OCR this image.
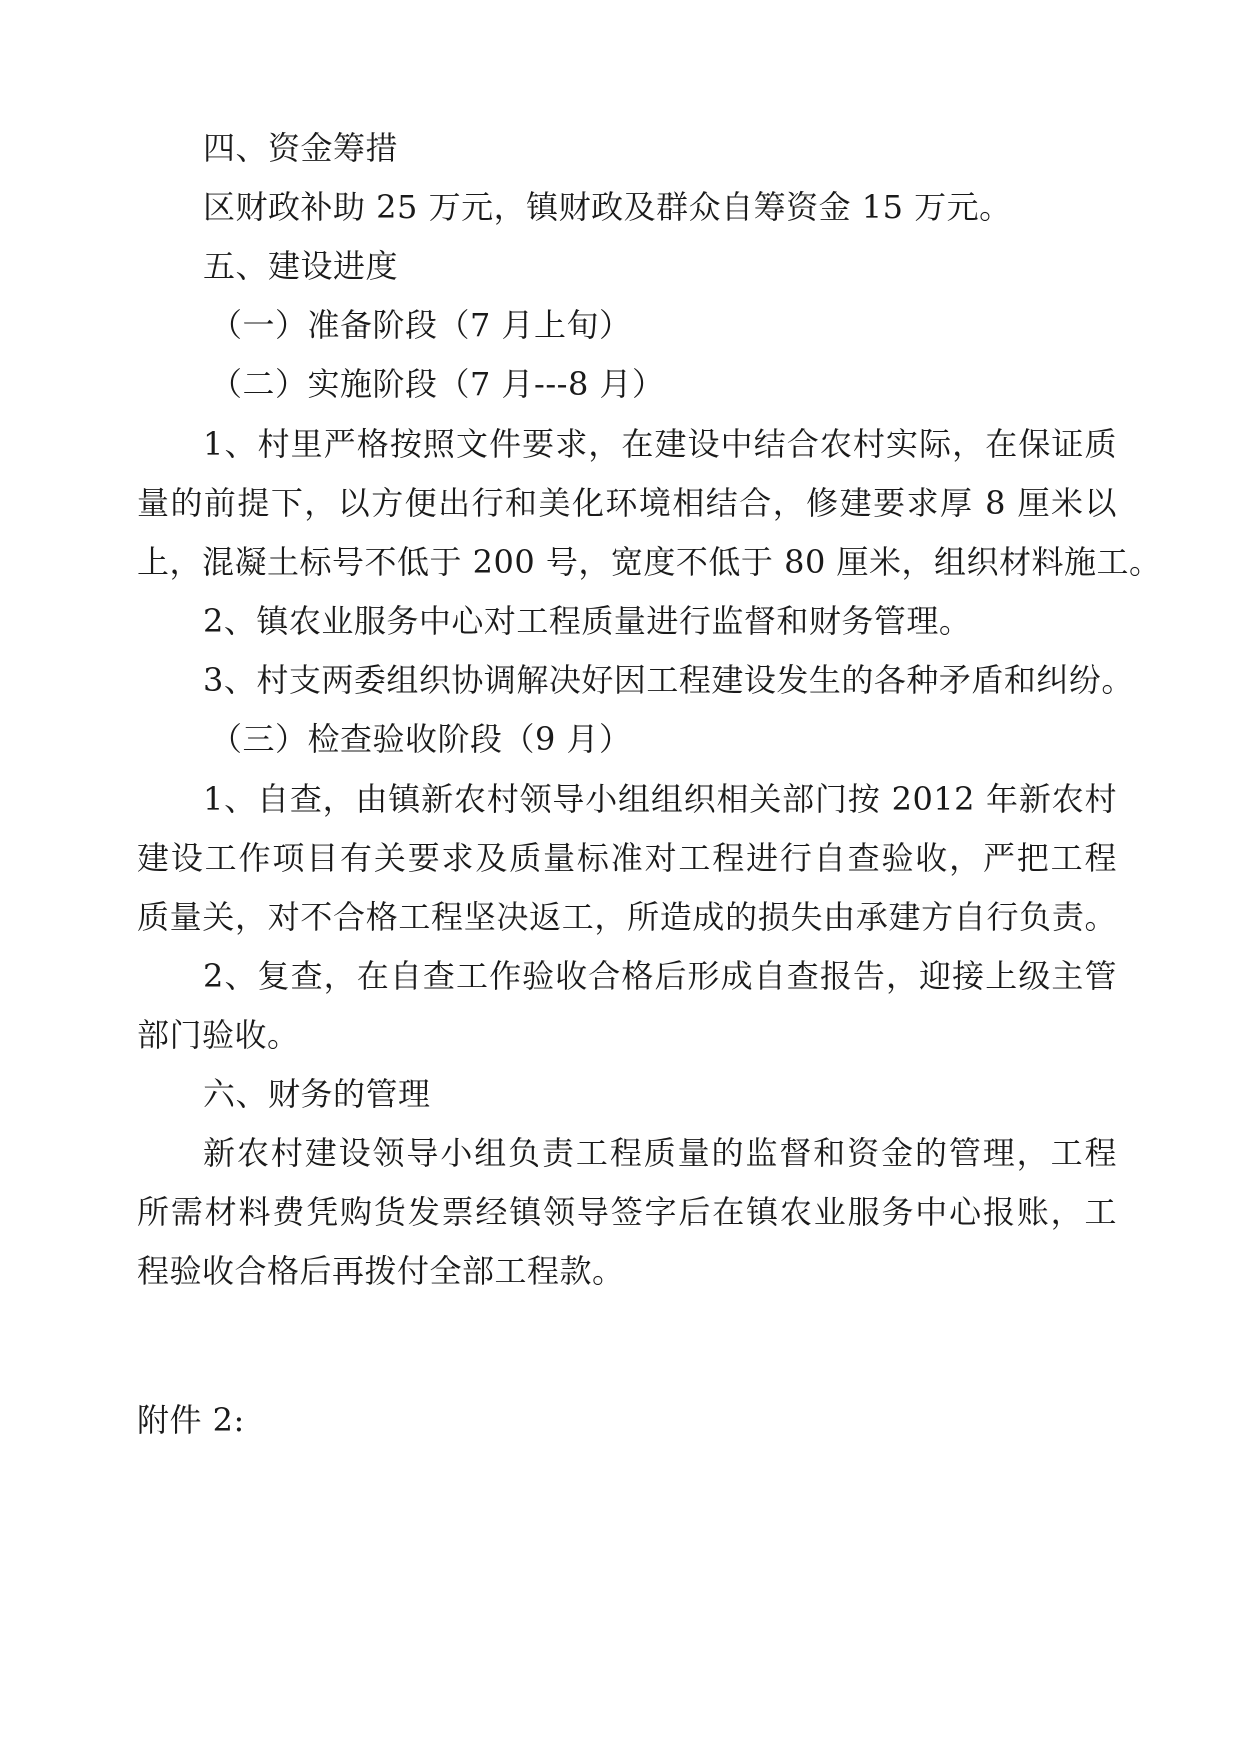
四、资金筹措
区财政补助 25 万元，镇财政及群众自筹资金 15 万元。
五、建设进度
（一）准备阶段（7 月上旬）
（二）实施阶段（7 月---8 月）
1、村里严格按照文件要求，在建设中结合农村实际，在保证质
量的前提下，以方便出行和美化环境相结合，修建要求厚 8 厘米以
上，混凝土标号不低于 200 号，宽度不低于 80 厘米，组织材料施工。
2、镇农业服务中心对工程质量进行监督和财务管理。
3、村支两委组织协调解决好因工程建设发生的各种矛盾和纠纷。
（三）检查验收阶段（9 月）
1、自查，由镇新农村领导小组组织相关部门按 2012 年新农村
建设工作项目有关要求及质量标准对工程进行自查验收，严把工程
质量关，对不合格工程坚决返工，所造成的损失由承建方自行负责。
2、复查，在自查工作验收合格后形成自查报告，迎接上级主管
部门验收。
六、财务的管理
新农村建设领导小组负责工程质量的监督和资金的管理，工程
所需材料费凭购货发票经镇领导签字后在镇农业服务中心报账，工
程验收合格后再拨付全部工程款。
附件 2:
